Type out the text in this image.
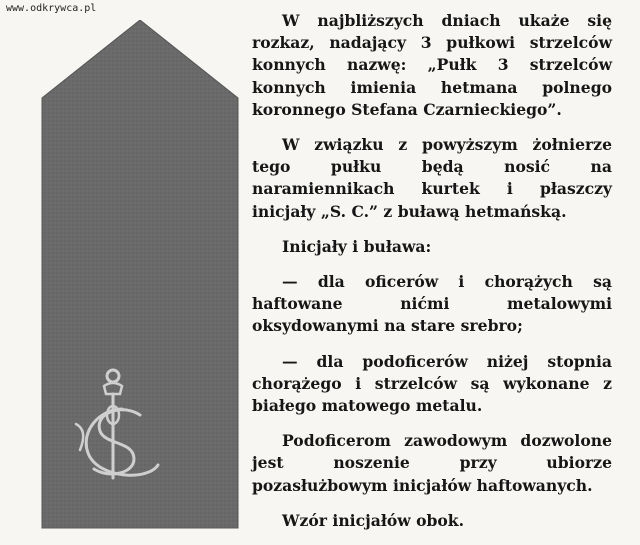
www.odkrywca.pl

W najbliższych dniach ukaże się rozkaz, nadający 3 pułkowi strzelców konnych nazwę: „Pułk 3 strzelców konnych imienia hetmana polnego koronnego Stefana Czarnieckiego”.

W związku z powyższym żołnierze tego pułku będą nosić na naramiennikach kurtek i płaszczy inicjały „S. C.” z buławą hetmańską.

Inicjały i buława:

— dla oficerów i chorążych są haftowane nićmi metalowymi oksydowanymi na stare srebro;

— dla podoficerów niżej stopnia chorążego i strzelców są wykonane z białego matowego metalu.

Podoficerom zawodowym dozwolone jest noszenie przy ubiorze pozasłużbowym inicjałów haftowanych.

Wzór inicjałów obok.
